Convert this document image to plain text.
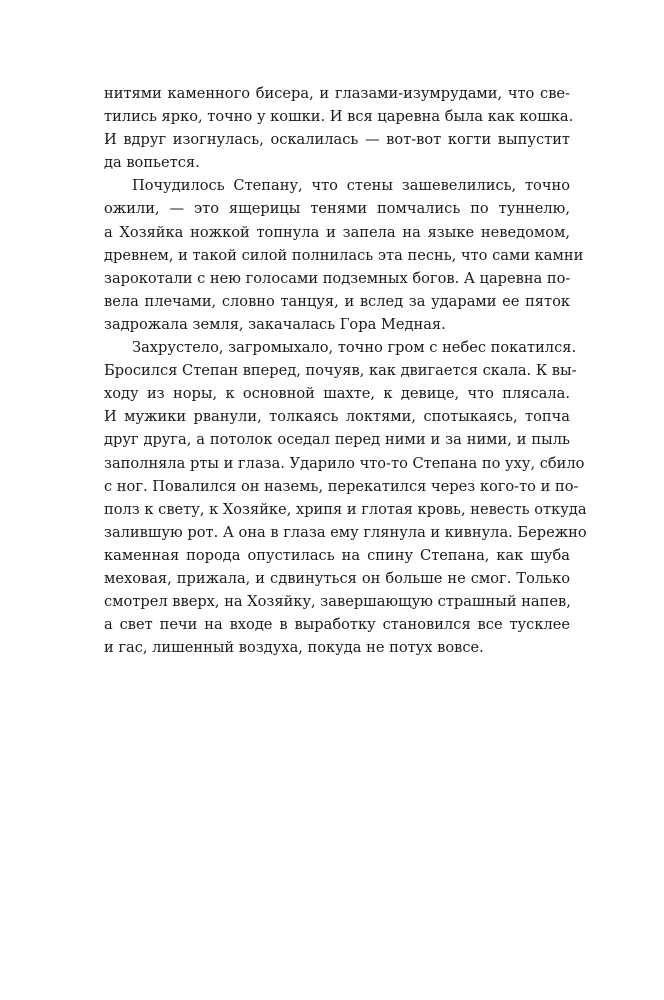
нитями каменного бисера, и глазами-изумрудами, что све-
тились ярко, точно у кошки. И вся царевна была как кошка.
И вдруг изогнулась, оскалилась — вот-вот когти выпустит
да вопьется.
Почудилось Степану, что стены зашевелились, точно
ожили, — это ящерицы тенями помчались по туннелю,
а Хозяйка ножкой топнула и запела на языке неведомом,
древнем, и такой силой полнилась эта песнь, что сами камни
зарокотали с нею голосами подземных богов. А царевна по-
вела плечами, словно танцуя, и вслед за ударами ее пяток
задрожала земля, закачалась Гора Медная.
Захрустело, загромыхало, точно гром с небес покатился.
Бросился Степан вперед, почуяв, как двигается скала. К вы-
ходу из норы, к основной шахте, к девице, что плясала.
И мужики рванули, толкаясь локтями, спотыкаясь, топча
друг друга, а потолок оседал перед ними и за ними, и пыль
заполняла рты и глаза. Ударило что-то Степана по уху, сбило
с ног. Повалился он наземь, перекатился через кого-то и по-
полз к свету, к Хозяйке, хрипя и глотая кровь, невесть откуда
залившую рот. А она в глаза ему глянула и кивнула. Бережно
каменная порода опустилась на спину Степана, как шуба
меховая, прижала, и сдвинуться он больше не смог. Только
смотрел вверх, на Хозяйку, завершающую страшный напев,
а свет печи на входе в выработку становился все тусклее
и гас, лишенный воздуха, покуда не потух вовсе.
